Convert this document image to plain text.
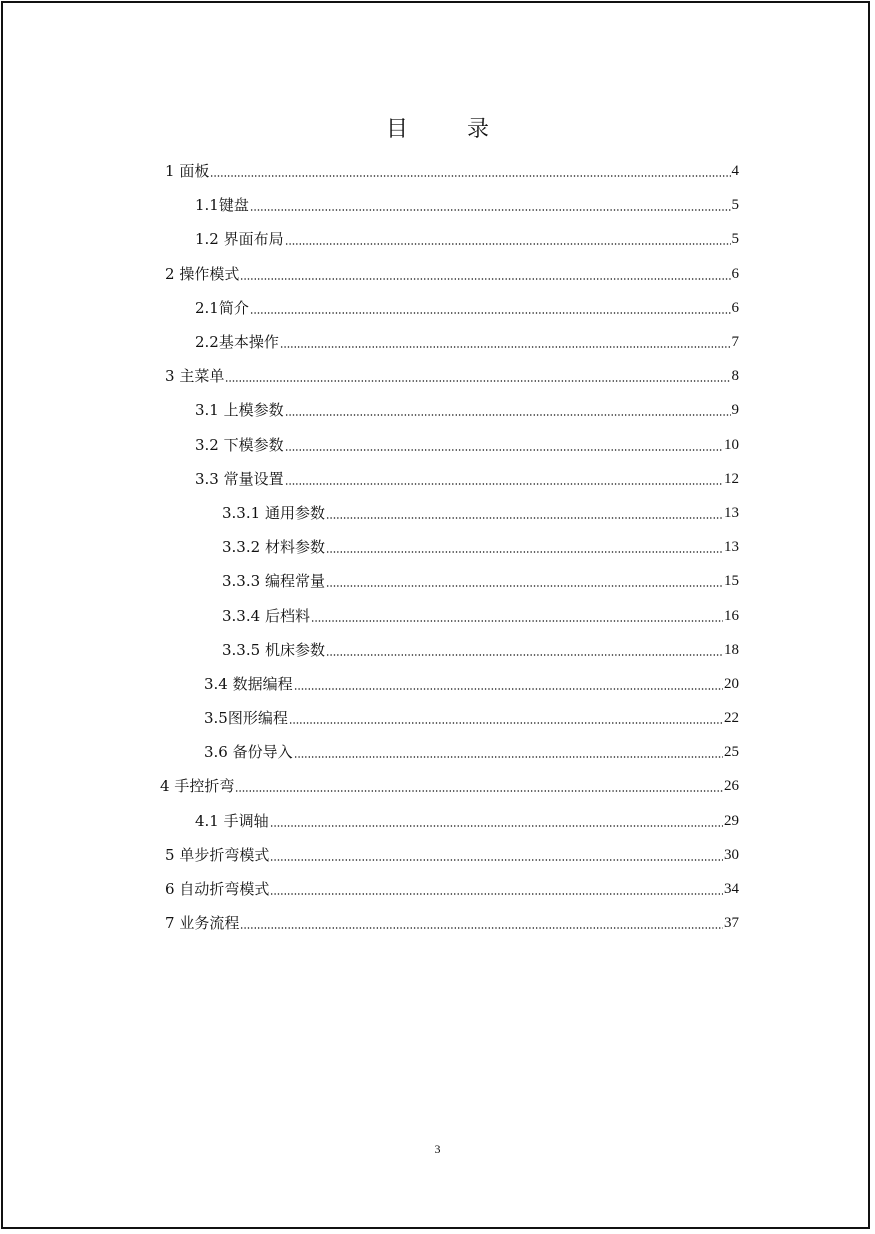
目 录
1 面板	4
1.1 键盘	5
1.2 界面布局	5
2 操作模式	6
2.1 简介	6
2.2 基本操作	7
3 主菜单	8
3.1 上模参数	9
3.2 下模参数	10
3.3 常量设置	12
3.3.1 通用参数	13
3.3.2 材料参数	13
3.3.3 编程常量	15
3.3.4 后档料	16
3.3.5 机床参数	18
3.4 数据编程	20
3.5 图形编程	22
3.6 备份导入	25
4 手控折弯	26
4.1 手调轴	29
5 单步折弯模式	30
6 自动折弯模式	34
7 业务流程	37
3
